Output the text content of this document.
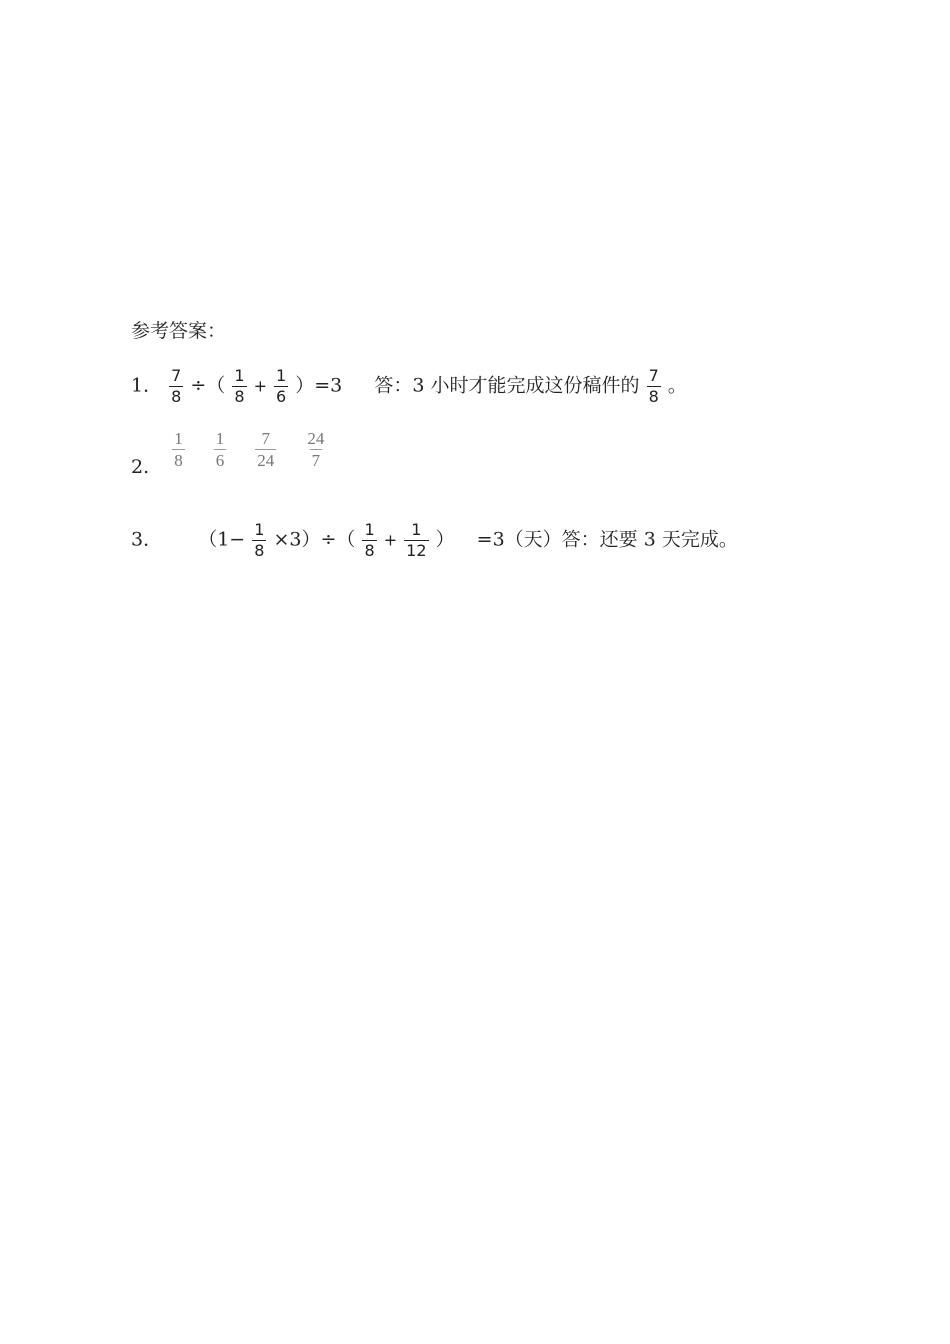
参考答案：
1． $\frac{7}{8}$ ÷（ $\frac{1}{8} + \frac{1}{6} )=3$ 答：3 小时才能完成这份稿件的 $\frac{7}{8}$ 。
2. $\frac{1}{8}$
$\frac{1}{6}$
$\frac{7}{24}$
$\frac{24}{7}$
3． $(1- \frac{1}{8} \times 3)\div( \frac{1}{8} + \frac{1}{12}$ ） =3（天）答：还要 3 天完成。
